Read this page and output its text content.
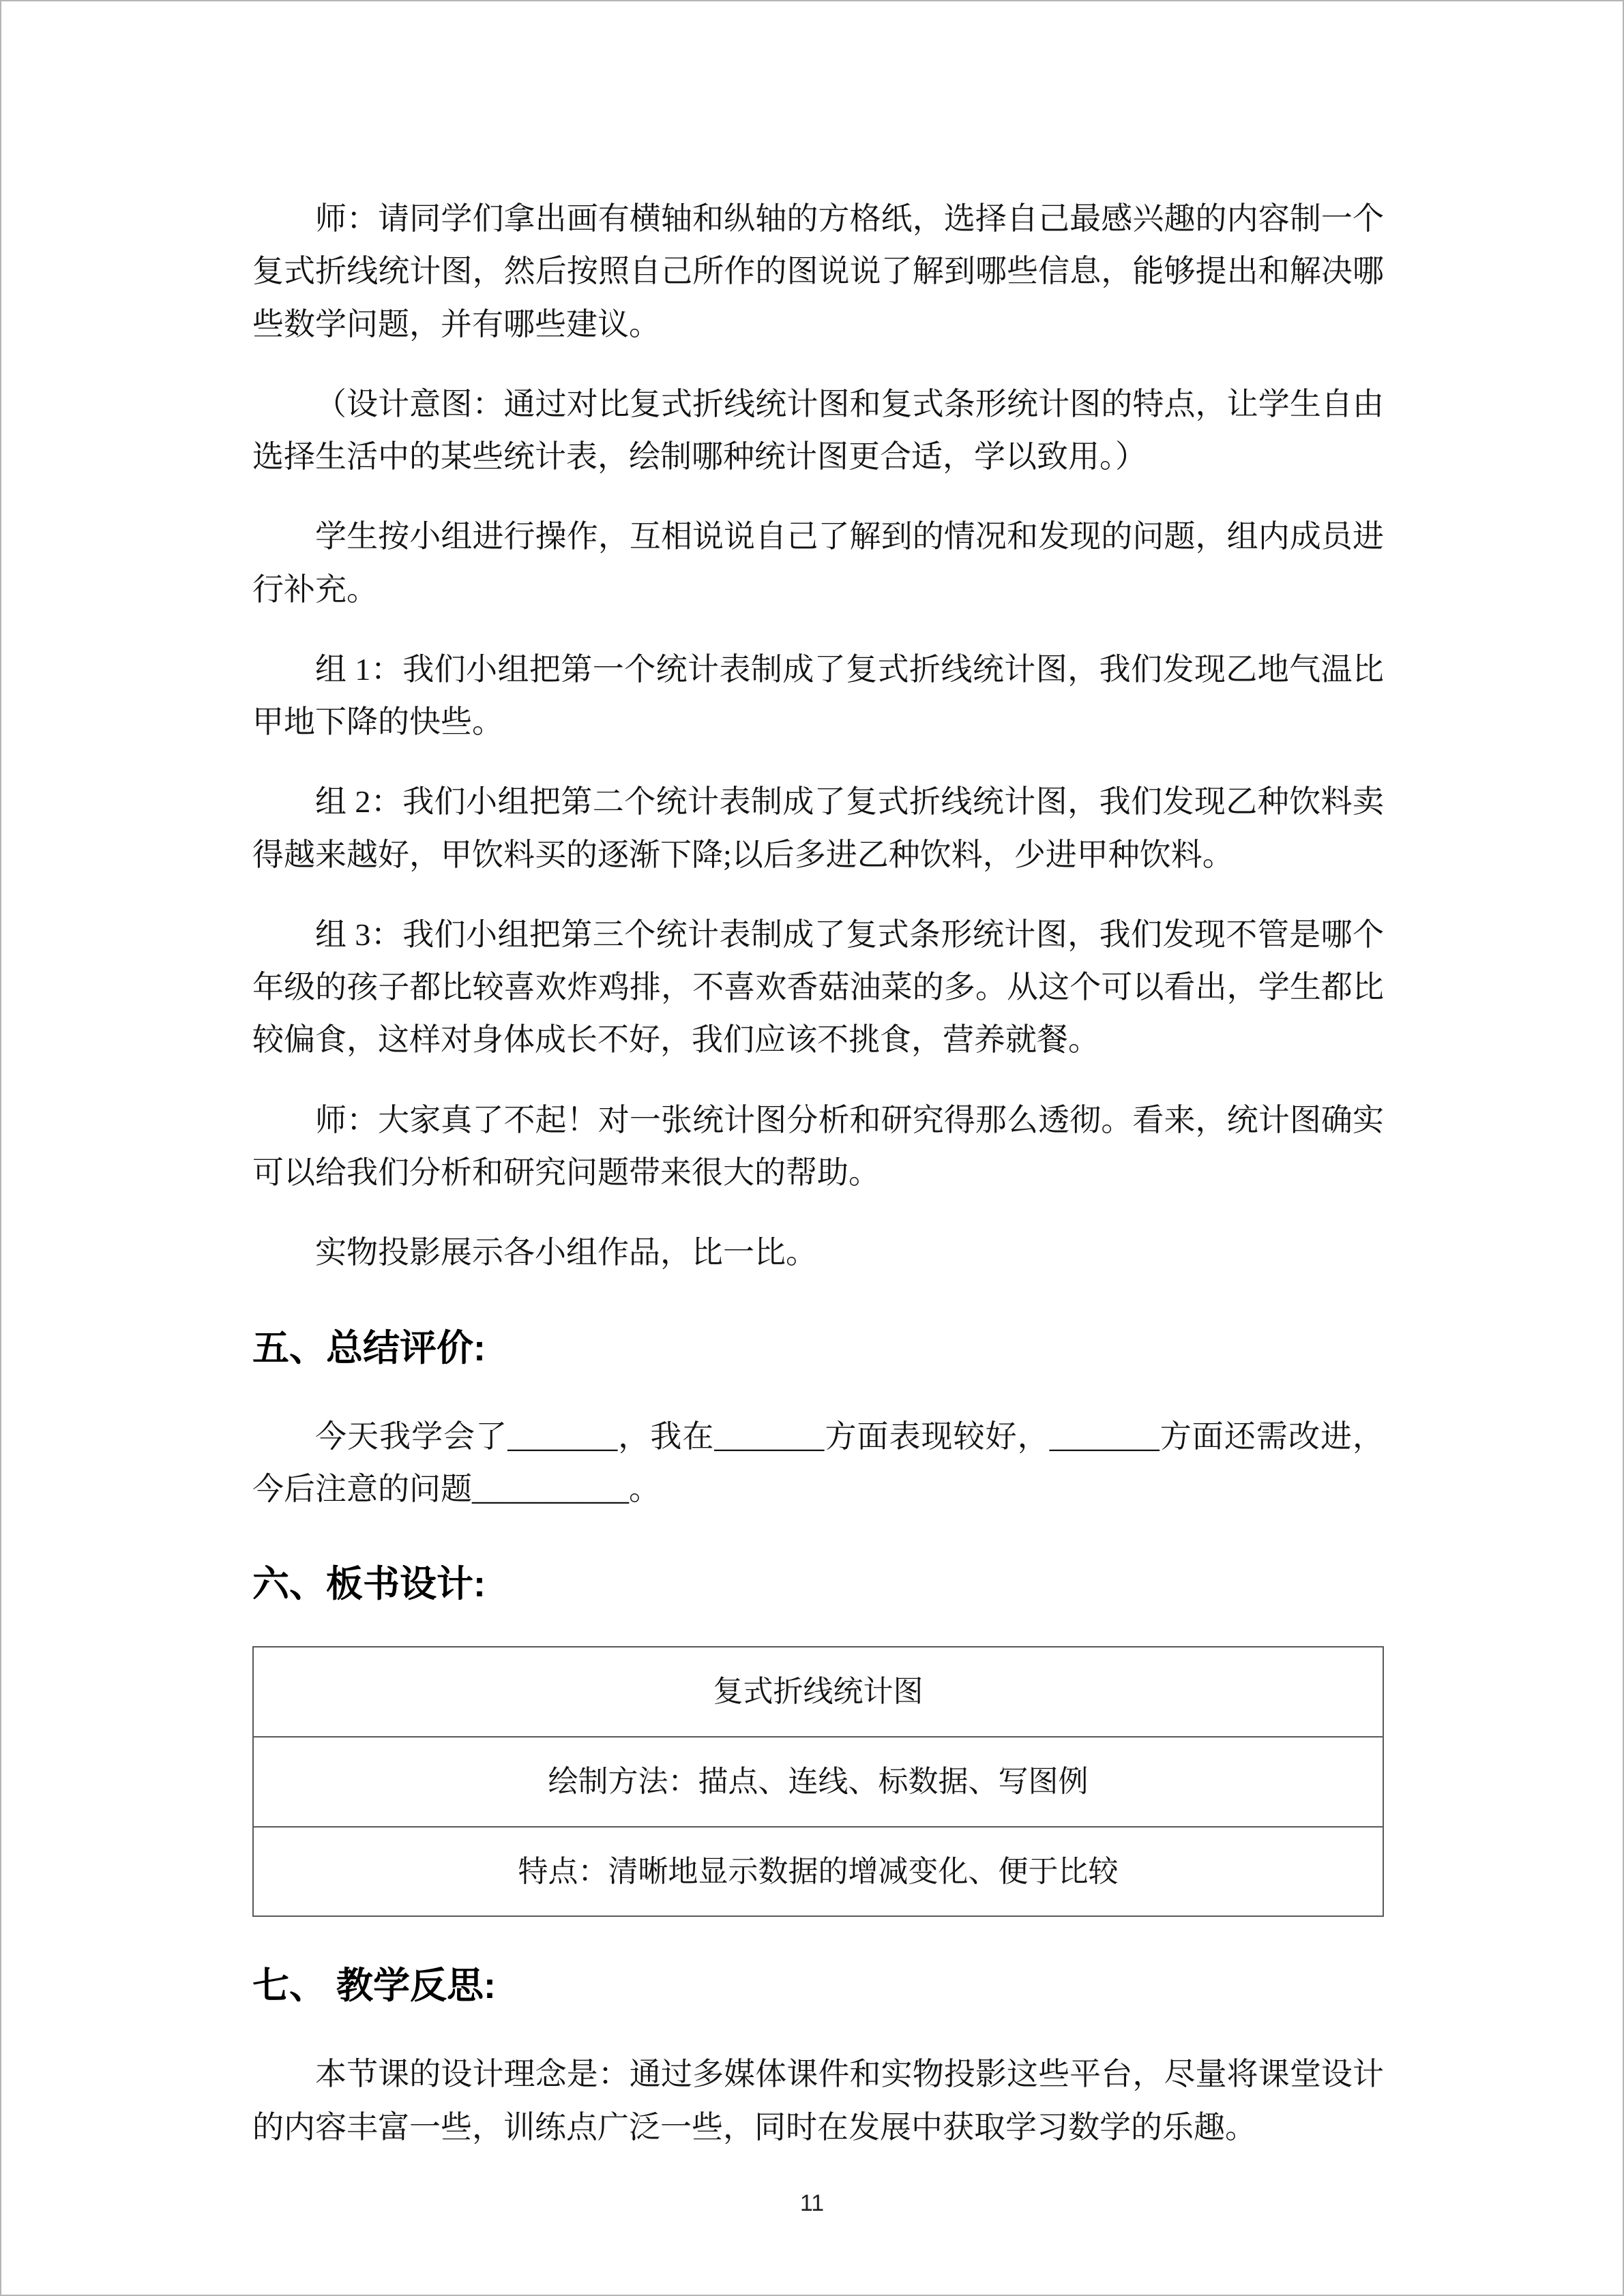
师：请同学们拿出画有横轴和纵轴的方格纸，选择自己最感兴趣的内容制一个复式折线统计图，然后按照自己所作的图说说了解到哪些信息，能够提出和解决哪些数学问题，并有哪些建议。

（设计意图：通过对比复式折线统计图和复式条形统计图的特点，让学生自由选择生活中的某些统计表，绘制哪种统计图更合适，学以致用。）

学生按小组进行操作，互相说说自己了解到的情况和发现的问题，组内成员进行补充。

组 1：我们小组把第一个统计表制成了复式折线统计图，我们发现乙地气温比甲地下降的快些。

组 2：我们小组把第二个统计表制成了复式折线统计图，我们发现乙种饮料卖得越来越好，甲饮料买的逐渐下降;以后多进乙种饮料，少进甲种饮料。

组 3：我们小组把第三个统计表制成了复式条形统计图，我们发现不管是哪个年级的孩子都比较喜欢炸鸡排，不喜欢香菇油菜的多。从这个可以看出，学生都比较偏食，这样对身体成长不好，我们应该不挑食，营养就餐。

师：大家真了不起！对一张统计图分析和研究得那么透彻。看来，统计图确实可以给我们分析和研究问题带来很大的帮助。

实物投影展示各小组作品，比一比。

五、总结评价:

今天我学会了_______，我在_______方面表现较好，_______方面还需改进，今后注意的问题__________。

六、板书设计:
复式折线统计图
绘制方法：描点、连线、标数据、写图例
特点：清晰地显示数据的增减变化、便于比较
七、 教学反思:

本节课的设计理念是：通过多媒体课件和实物投影这些平台，尽量将课堂设计的内容丰富一些，训练点广泛一些，同时在发展中获取学习数学的乐趣。

11
